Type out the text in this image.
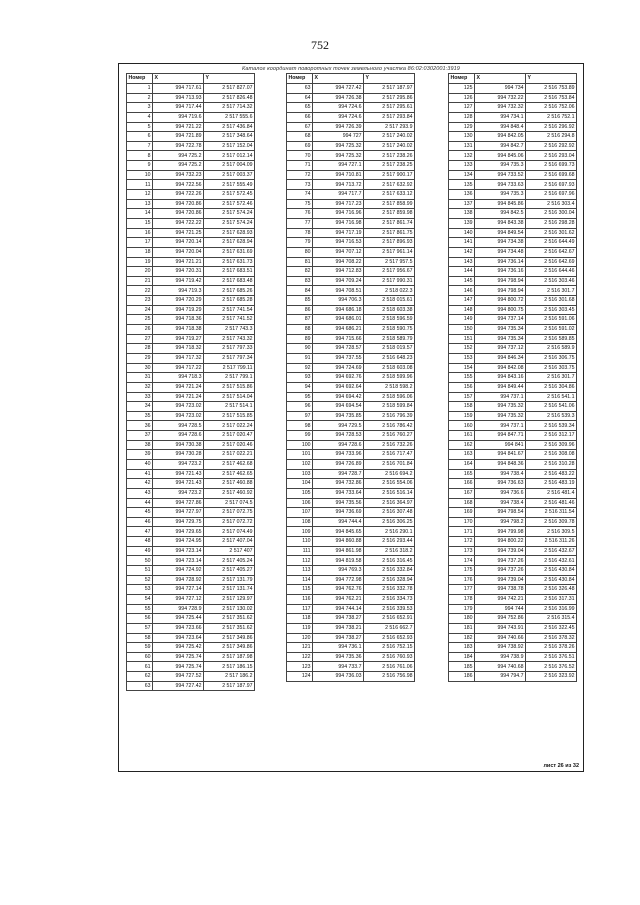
752
Каталог координат поворотных точек земельного участка 86:02:0302001:3919
Номер	X	Y
1	994 717.61	2 517 827.07
2	994 713.93	2 517 826.48
3	994 717.44	2 517 714.32
4	994 719.6	2 517 555.6
5	994 721.22	2 517 436.84
6	994 721.89	2 517 348.64
7	994 722.78	2 517 152.04
8	994 725.2	2 517 012.14
9	994 725.2	2 517 004.09
10	994 732.23	2 517 003.37
11	994 722.56	2 517 555.49
12	994 722.26	2 517 572.45
13	994 720.86	2 517 572.46
14	994 720.86	2 517 574.24
15	994 722.22	2 517 574.24
16	994 721.25	2 517 628.93
17	994 720.14	2 517 628.94
18	994 720.04	2 517 631.69
19	994 721.21	2 517 631.73
20	994 720.31	2 517 683.51
21	994 719.42	2 517 683.48
22	994 719.3	2 517 685.26
23	994 720.29	2 517 685.28
24	994 719.29	2 517 741.54
25	994 718.36	2 517 741.52
26	994 718.38	2 517 743.3
27	994 719.27	2 517 743.32
28	994 718.32	2 517 797.33
29	994 717.32	2 517 797.34
30	994 717.22	2 517 799.11
31	994 718.3	2 517 799.1
32	994 721.24	2 517 515.86
33	994 721.24	2 517 514.04
34	994 723.02	2 517 514.1
35	994 723.02	2 517 515.85
36	994 728.5	2 517 022.24
37	994 728.6	2 517 020.47
38	994 730.38	2 517 020.46
39	994 730.28	2 517 022.21
40	994 723.2	2 517 462.68
41	994 721.43	2 517 462.65
42	994 721.43	2 517 460.88
43	994 723.2	2 517 460.92
44	994 727.86	2 517 074.5
45	994 727.97	2 517 072.75
46	994 729.75	2 517 072.72
47	994 729.65	2 517 074.49
48	994 724.95	2 517 407.04
49	994 723.14	2 517 407
50	994 723.14	2 517 405.24
51	994 724.92	2 517 405.27
52	994 728.92	2 517 131.79
53	994 727.14	2 517 131.74
54	994 727.12	2 517 129.97
55	994 728.9	2 517 130.02
56	994 725.44	2 517 351.62
57	994 723.66	2 517 351.62
58	994 723.64	2 517 349.86
59	994 725.42	2 517 349.86
60	994 725.74	2 517 187.98
61	994 725.74	2 517 186.15
62	994 727.52	2 517 186.2
63	994 727.42	2 517 187.97
Номер	X	Y
63	994 727.42	2 517 187.97
64	994 726.38	2 517 295.86
65	994 724.6	2 517 295.61
66	994 724.6	2 517 293.84
67	994 726.39	2 517 293.9
68	994 727	2 517 240.02
69	994 725.32	2 517 240.02
70	994 725.32	2 517 238.26
71	994 727.1	2 517 238.25
72	994 710.81	2 517 900.17
73	994 713.72	2 517 632.92
74	994 717.7	2 517 633.12
75	994 717.23	2 517 858.99
76	994 716.96	2 517 859.98
77	994 716.98	2 517 861.74
78	994 717.19	2 517 861.75
79	994 716.53	2 517 896.93
80	994 707.12	2 517 961.14
81	994 708.22	2 517 957.5
82	994 712.83	2 517 956.67
83	994 709.24	2 517 990.31
84	994 708.51	2 518 022.3
85	994 706.3	2 518 015.61
86	994 686.18	2 518 603.38
87	994 686.01	2 518 596.59
88	994 686.21	2 518 590.75
89	994 715.66	2 518 589.79
90	994 728.57	2 518 019.57
91	994 737.55	2 516 648.23
92	994 724.69	2 518 603.08
93	994 692.76	2 518 599.96
94	994 692.64	2 518 598.2
95	994 694.42	2 518 596.06
96	994 694.54	2 518 599.84
97	994 735.85	2 516 796.39
98	994 729.5	2 516 786.42
99	994 728.53	2 516 760.27
100	994 728.6	2 516 732.26
101	994 733.96	2 516 717.47
102	994 726.89	2 516 701.84
103	994 728.7	2 516 694.2
104	994 732.86	2 516 554.06
105	994 733.64	2 516 516.14
106	994 735.56	2 516 364.97
107	994 736.69	2 516 307.48
108	994 744.4	2 516 306.25
109	994 845.65	2 516 290.1
110	994 860.88	2 516 293.44
111	994 861.98	2 516 318.2
112	994 819.58	2 516 316.45
113	994 769.3	2 516 332.84
114	994 772.98	2 516 328.94
115	994 762.76	2 516 332.78
116	994 762.21	2 516 334.73
117	994 744.14	2 516 339.53
118	994 738.27	2 516 652.91
119	994 738.21	2 516 662.7
120	994 738.27	2 516 652.93
121	994 736.1	2 516 752.15
122	994 735.36	2 516 760.93
123	994 733.7	2 516 761.06
124	994 736.03	2 516 756.98
Номер	X	Y
125	994 734	2 516 753.89
126	994 732.22	2 516 753.84
127	994 732.32	2 516 752.06
128	994 734.1	2 516 752.1
129	994 848.4	2 516 296.92
130	994 842.05	2 516 294.8
131	994 842.7	2 516 292.92
132	994 845.06	2 516 293.04
133	994 735.3	2 516 699.73
134	994 733.52	2 516 699.68
135	994 733.63	2 516 697.93
136	994 735.3	2 516 697.96
137	994 845.86	2 516 303.4
138	994 842.5	2 516 300.04
139	994 843.38	2 516 298.28
140	994 849.54	2 516 301.62
141	994 734.38	2 516 644.49
142	994 734.48	2 516 642.67
143	994 736.14	2 516 642.69
144	994 736.16	2 516 644.46
145	994 798.94	2 516 303.46
146	994 798.94	2 516 301.7
147	994 800.72	2 516 301.68
148	994 800.75	2 516 303.45
149	994 737.14	2 516 591.06
150	994 735.34	2 516 591.02
151	994 735.34	2 516 589.85
152	994 737.12	2 516 589.9
153	994 846.34	2 516 306.75
154	994 842.08	2 516 303.75
155	994 843.16	2 516 301.7
156	994 849.44	2 516 304.86
157	994 737.1	2 516 541.1
158	994 735.32	2 516 541.06
159	994 735.32	2 516 539.3
160	994 737.1	2 516 539.34
161	994 847.71	2 516 312.17
162	994 841	2 516 309.96
163	994 841.67	2 516 308.08
164	994 848.36	2 516 310.28
165	994 738.4	2 516 483.22
166	994 736.63	2 516 483.19
167	994 736.6	2 516 481.4
168	994 738.4	2 516 481.46
169	994 798.54	2 516 311.54
170	994 798.2	2 516 309.78
171	994 799.98	2 516 309.5
172	994 800.22	2 516 311.26
173	994 739.04	2 516 432.67
174	994 737.26	2 516 432.61
175	994 737.26	2 516 430.84
176	994 739.04	2 516 430.84
177	994 738.78	2 516 326.48
178	994 742.21	2 516 317.31
179	994 744	2 516 316.99
180	994 752.86	2 516 315.4
181	994 743.91	2 516 322.45
182	994 740.66	2 516 378.32
183	994 738.92	2 516 378.26
184	994 738.9	2 516 376.51
185	994 740.68	2 516 376.52
186	994 794.7	2 516 323.92
лист 26 из 32
